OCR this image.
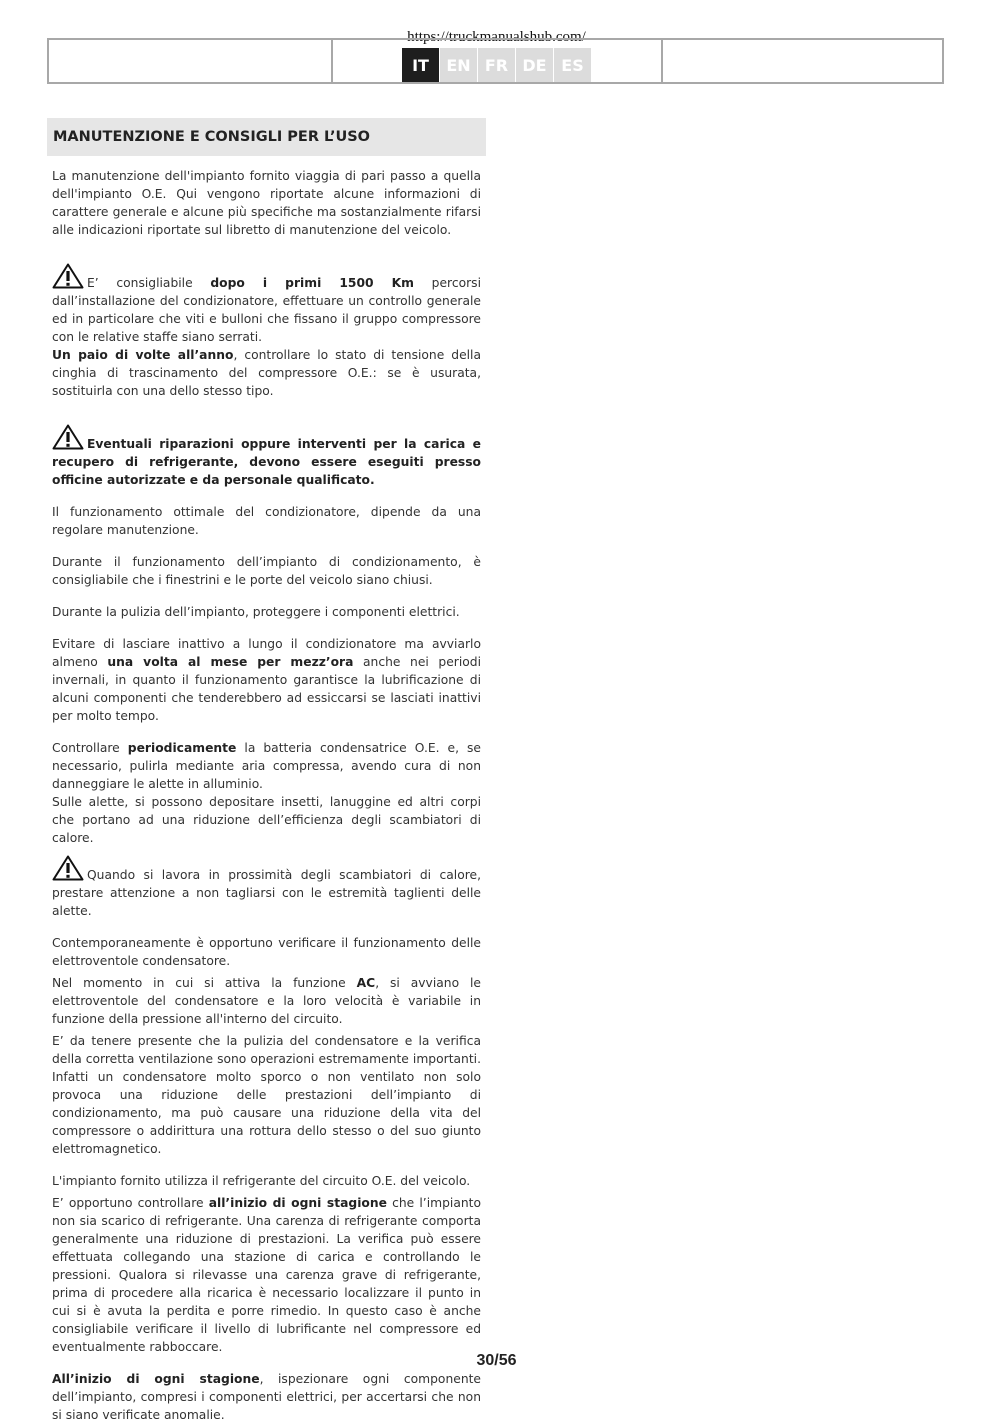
https://truckmanualshub.com/
IT	EN FR DE ES
MANUTENZIONE E CONSIGLI PER L’USO

La manutenzione dell'impianto fornito viaggia di pari passo a quella dell'impianto O.E. Qui vengono riportate alcune informazioni di carattere generale e alcune più specifiche ma sostanzialmente rifarsi alle indicazioni riportate sul libretto di manutenzione del veicolo.

E’ consigliabile dopo i primi 1500 Km percorsi dall’installazione del condizionatore, effettuare un controllo generale ed in particolare che viti e bulloni che fissano il gruppo compressore con le relative staffe siano serrati.

Un paio di volte all’anno, controllare lo stato di tensione della cinghia di trascinamento del compressore O.E.: se è usurata, sostituirla con una dello stesso tipo.

Eventuali riparazioni oppure interventi per la carica e recupero di refrigerante, devono essere eseguiti presso officine autorizzate e da personale qualificato.

Il funzionamento ottimale del condizionatore, dipende da una regolare manutenzione.

Durante il funzionamento dell’impianto di condizionamento, è consigliabile che i finestrini e le porte del veicolo siano chiusi.

Durante la pulizia dell’impianto, proteggere i componenti elettrici.

Evitare di lasciare inattivo a lungo il condizionatore ma avviarlo almeno una volta al mese per mezz’ora anche nei periodi invernali, in quanto il funzionamento garantisce la lubrificazione di alcuni componenti che tenderebbero ad essiccarsi se lasciati inattivi per molto tempo.

Controllare periodicamente la batteria condensatrice O.E. e, se necessario, pulirla mediante aria compressa, avendo cura di non danneggiare le alette in alluminio.

Sulle alette, si possono depositare insetti, lanuggine ed altri corpi che portano ad una riduzione dell’efficienza degli scambiatori di calore.

Quando si lavora in prossimità degli scambiatori di calore, prestare attenzione a non tagliarsi con le estremità taglienti delle alette.

Contemporaneamente è opportuno verificare il funzionamento delle elettroventole condensatore.

Nel momento in cui si attiva la funzione AC, si avviano le elettroventole del condensatore e la loro velocità è variabile in funzione della pressione all'interno del circuito.

E’ da tenere presente che la pulizia del condensatore e la verifica della corretta ventilazione sono operazioni estremamente importanti. Infatti un condensatore molto sporco o non ventilato non solo provoca una riduzione delle prestazioni dell’impianto di condizionamento, ma può causare una riduzione della vita del compressore o addirittura una rottura dello stesso o del suo giunto elettromagnetico.

L'impianto fornito utilizza il refrigerante del circuito O.E. del veicolo.

E’ opportuno controllare all’inizio di ogni stagione che l’impianto non sia scarico di refrigerante. Una carenza di refrigerante comporta generalmente una riduzione di prestazioni. La verifica può essere effettuata collegando una stazione di carica e controllando le pressioni. Qualora si rilevasse una carenza grave di refrigerante, prima di procedere alla ricarica è necessario localizzare il punto in cui si è avuta la perdita e porre rimedio. In questo caso è anche consigliabile verificare il livello di lubrificante nel compressore ed eventualmente rabboccare.

All’inizio di ogni stagione, ispezionare ogni componente dell’impianto, compresi i componenti elettrici, per accertarsi che non si siano verificate anomalie.

30/56
